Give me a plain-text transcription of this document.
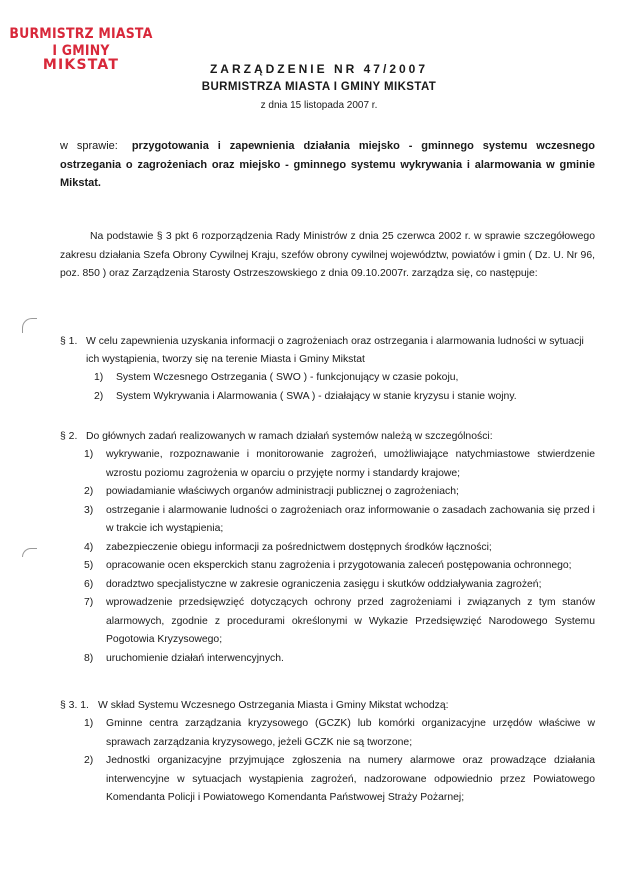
BURMISTRZ MIASTA I GMINY
MIKSTAT	ZARZĄDZENIE NR 47/2007
BURMISTRZA MIASTA I GMINY MIKSTAT
z dnia 15 listopada 2007 r.
w sprawie: przygotowania i zapewnienia działania miejsko - gminnego systemu wczesnego ostrzegania o zagrożeniach oraz miejsko - gminnego systemu wykrywania i alarmowania w gminie Mikstat.
Na podstawie § 3 pkt 6 rozporządzenia Rady Ministrów z dnia 25 czerwca 2002 r. w sprawie szczegółowego zakresu działania Szefa Obrony Cywilnej Kraju, szefów obrony cywilnej województw, powiatów i gmin ( Dz. U. Nr 96, poz. 850 ) oraz Zarządzenia Starosty Ostrzeszowskiego z dnia 09.10.2007r. zarządza się, co następuje:
§ 1. W celu zapewnienia uzyskania informacji o zagrożeniach oraz ostrzegania i alarmowania ludności w sytuacji ich wystąpienia, tworzy się na terenie Miasta i Gminy Mikstat
1)	System Wczesnego Ostrzegania ( SWO ) - funkcjonujący w czasie pokoju,
2)	System Wykrywania i Alarmowania ( SWA ) - działający w stanie kryzysu i stanie wojny.
§ 2. Do głównych zadań realizowanych w ramach działań systemów należą w szczególności:
1)	wykrywanie, rozpoznawanie i monitorowanie zagrożeń, umożliwiające natychmiastowe stwierdzenie wzrostu poziomu zagrożenia w oparciu o przyjęte normy i standardy krajowe;
2)	powiadamianie właściwych organów administracji publicznej o zagrożeniach;
3)	ostrzeganie i alarmowanie ludności o zagrożeniach oraz informowanie o zasadach zachowania się przed i w trakcie ich wystąpienia;
4)	zabezpieczenie obiegu informacji za pośrednictwem dostępnych środków łączności;
5)	opracowanie ocen eksperckich stanu zagrożenia i przygotowania zaleceń postępowania ochronnego;
6)	doradztwo specjalistyczne w zakresie ograniczenia zasięgu i skutków oddziaływania zagrożeń;
7)	wprowadzenie przedsięwzięć dotyczących ochrony przed zagrożeniami i związanych z tym stanów alarmowych, zgodnie z procedurami określonymi w Wykazie Przedsięwzięć Narodowego Systemu Pogotowia Kryzysowego;
8)	uruchomienie działań interwencyjnych.
§ 3. 1. W skład Systemu Wczesnego Ostrzegania Miasta i Gminy Mikstat wchodzą:
1)	Gminne centra zarządzania kryzysowego (GCZK) lub komórki organizacyjne urzędów właściwe w sprawach zarządzania kryzysowego, jeżeli GCZK nie są tworzone;
2)	Jednostki organizacyjne przyjmujące zgłoszenia na numery alarmowe oraz prowadzące działania interwencyjne w sytuacjach wystąpienia zagrożeń, nadzorowane odpowiednio przez Powiatowego Komendanta Policji i Powiatowego Komendanta Państwowej Straży Pożarnej;
